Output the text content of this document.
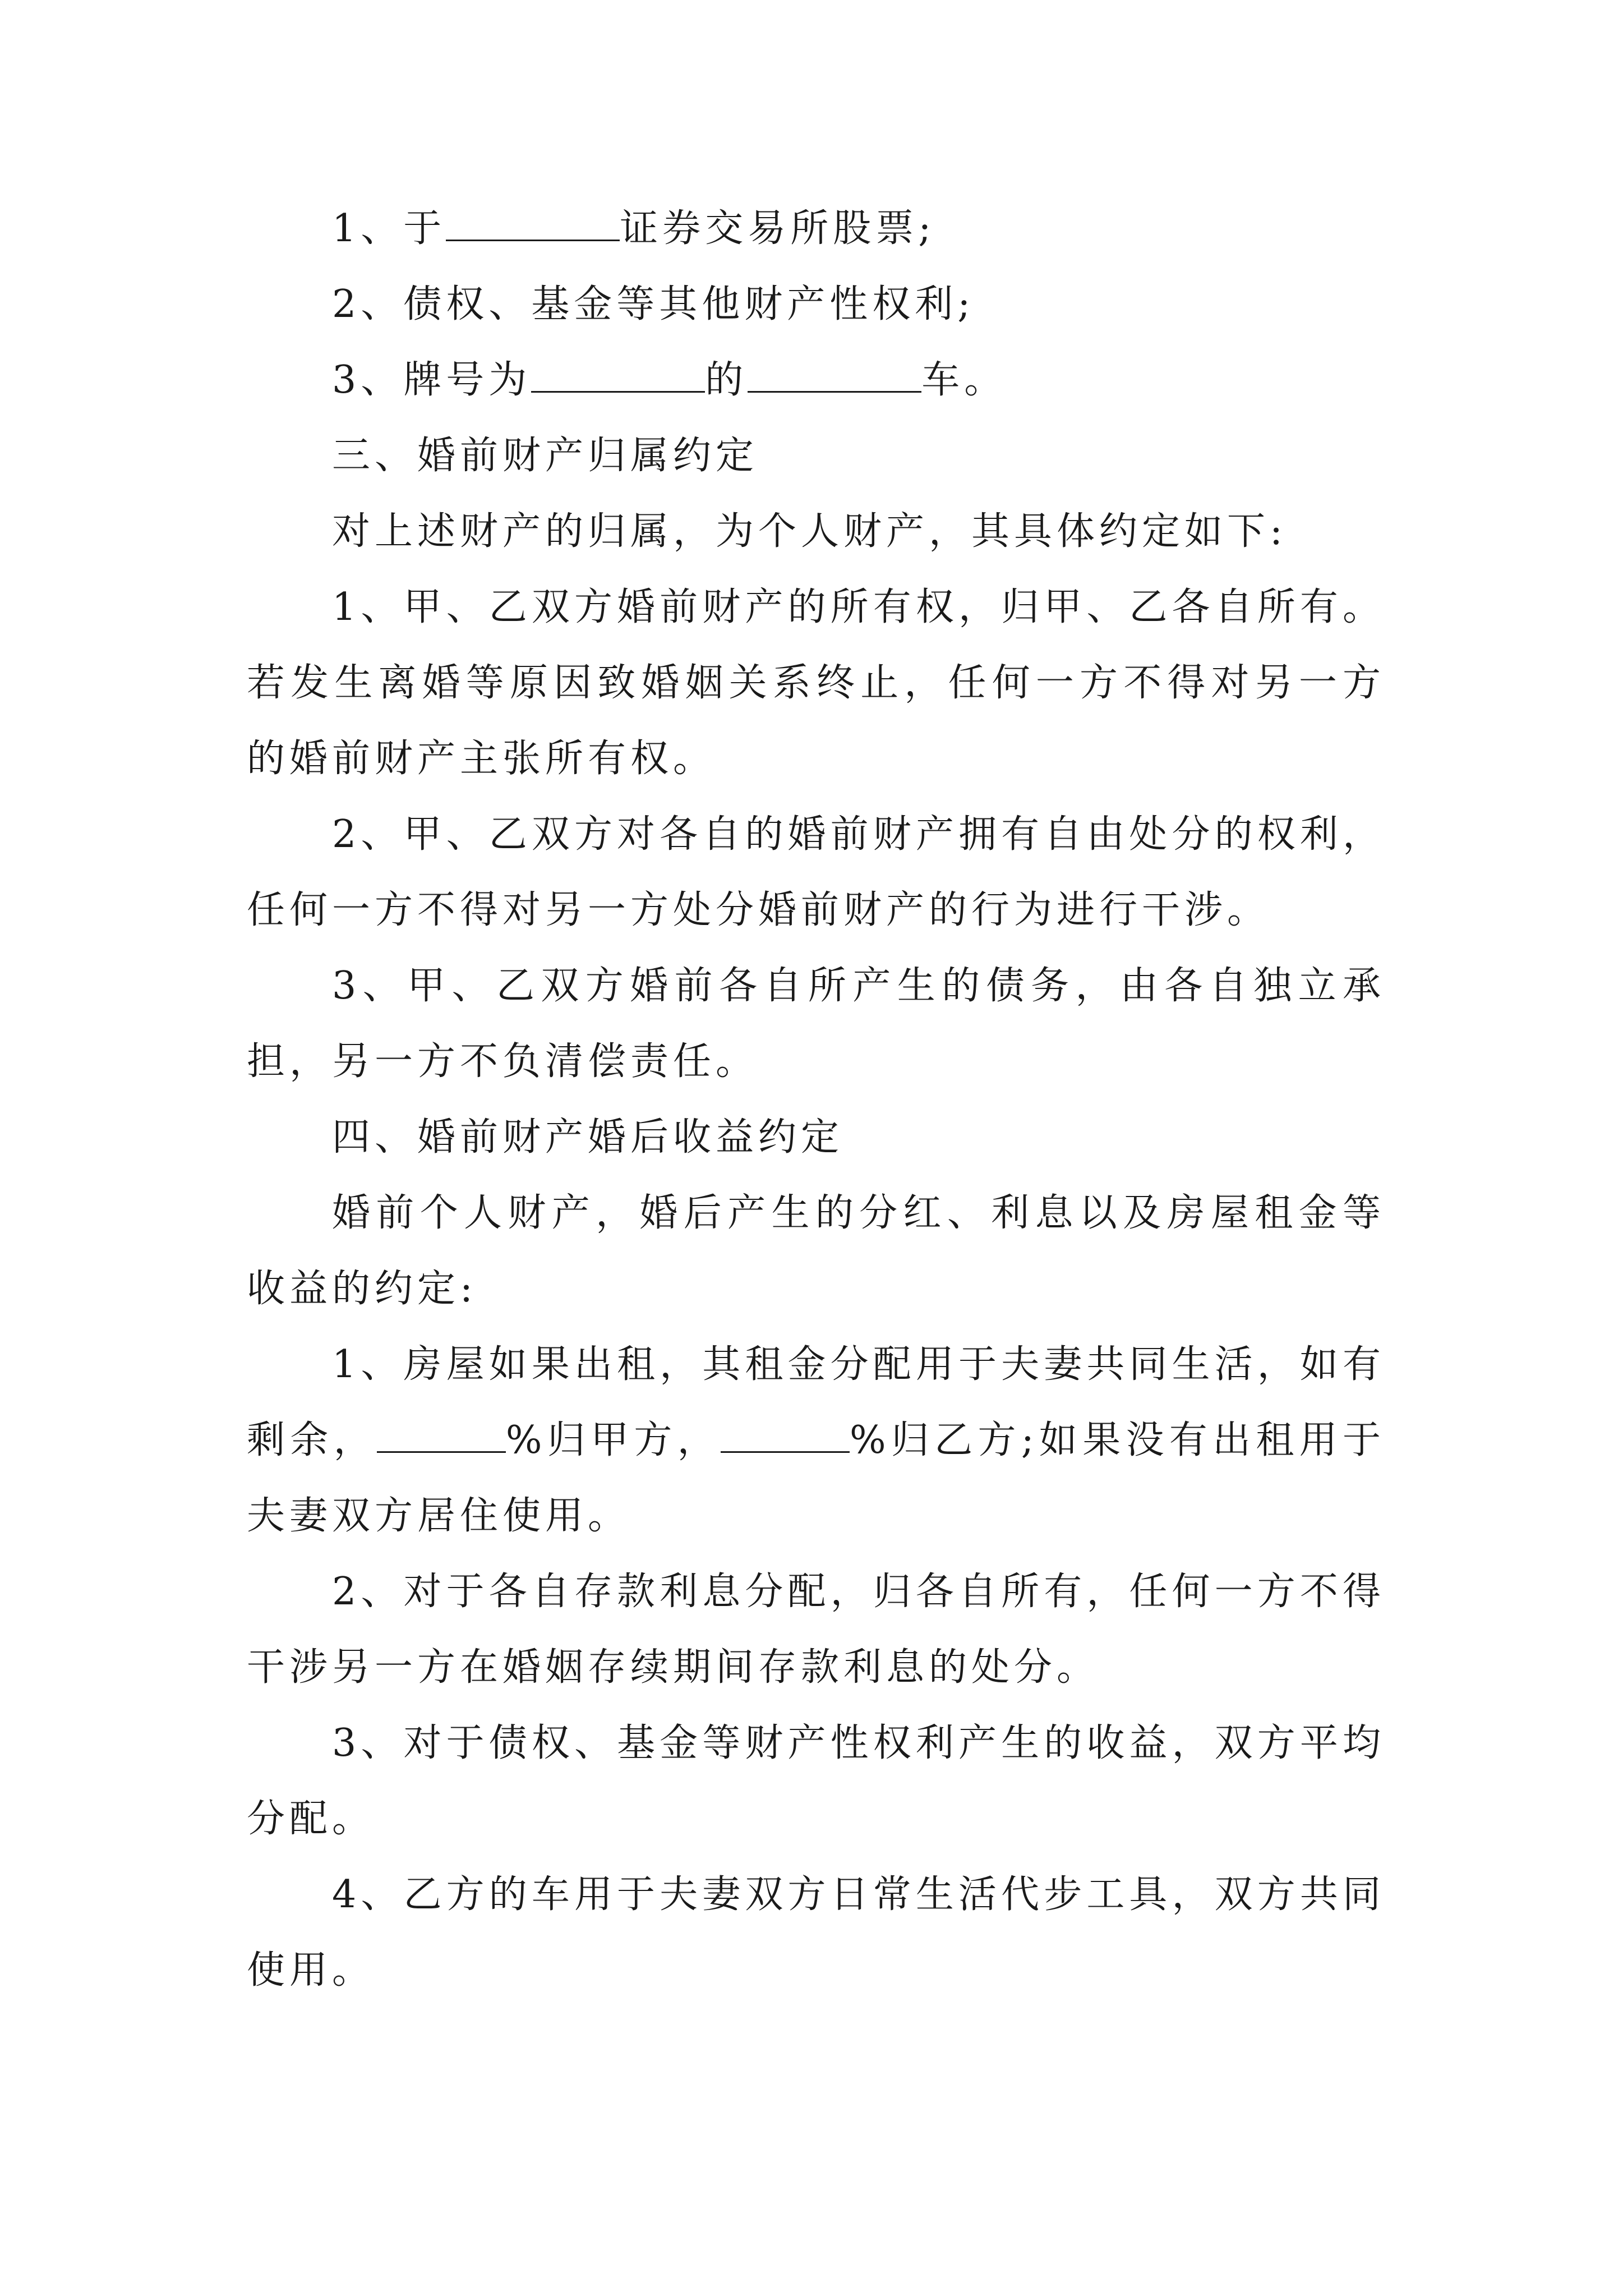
1、于	证券交易所股票;

2、债权、基金等其他财产性权利;

3、牌号为	的	车。

三、婚前财产归属约定

对上述财产的归属，为个人财产，其具体约定如下:

1、甲、乙双方婚前财产的所有权，归甲、乙各自所有。若发生离婚等原因致婚姻关系终止，任何一方不得对另一方的婚前财产主张所有权。

2、甲、乙双方对各自的婚前财产拥有自由处分的权利，任何一方不得对另一方处分婚前财产的行为进行干涉。

3、甲、乙双方婚前各自所产生的债务，由各自独立承担，另一方不负清偿责任。

四、婚前财产婚后收益约定

婚前个人财产，婚后产生的分红、利息以及房屋租金等收益的约定:

1、房屋如果出租，其租金分配用于夫妻共同生活，如有剩余，	%归甲方，	%归乙方;如果没有出租用于夫妻双方居住使用。

2、对于各自存款利息分配，归各自所有，任何一方不得干涉另一方在婚姻存续期间存款利息的处分。

3、对于债权、基金等财产性权利产生的收益，双方平均分配。

4、乙方的车用于夫妻双方日常生活代步工具，双方共同使用。
